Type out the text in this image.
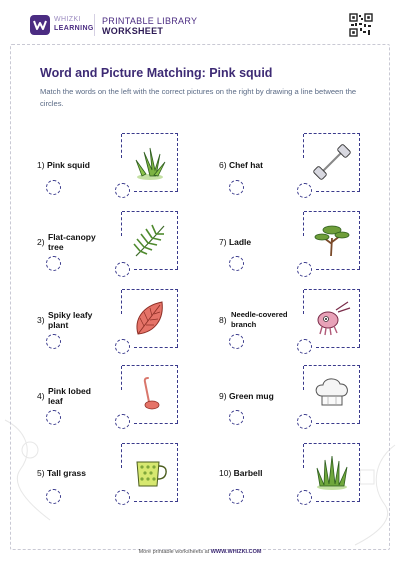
WHIZKI
LEARNING
PRINTABLE LIBRARY
WORKSHEET
Word and Picture Matching: Pink squid
Match the words on the left with the correct pictures on the right by drawing a line between the circles.
1) Pink squid
2) Flat-canopy tree
3) Spiky leafy plant
4) Pink lobed leaf
5) Tall grass
6) Chef hat
7) Ladle
8)
Needle-covered branch
9) Green mug
10) Barbell
More printable worksheets at WWW.WHIZKI.COM
